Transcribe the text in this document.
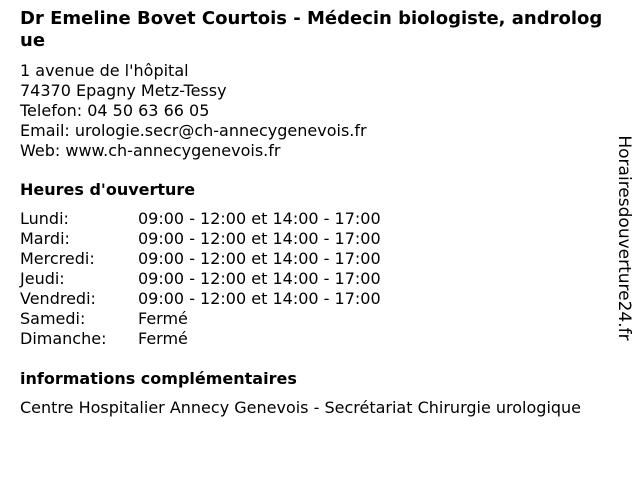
Dr Emeline Bovet Courtois - Médecin biologiste, andrologue
1 avenue de l'hôpital
74370 Epagny Metz-Tessy
Telefon: 04 50 63 66 05
Email: urologie.secr@ch-annecygenevois.fr
Web: www.ch-annecygenevois.fr
Heures d'ouverture
Lundi:	09:00 - 12:00 et 14:00 - 17:00
Mardi:	09:00 - 12:00 et 14:00 - 17:00
Mercredi:	09:00 - 12:00 et 14:00 - 17:00
Jeudi:	09:00 - 12:00 et 14:00 - 17:00
Vendredi:	09:00 - 12:00 et 14:00 - 17:00
Samedi:	Fermé
Dimanche:	Fermé
informations complémentaires
Centre Hospitalier Annecy Genevois - Secrétariat Chirurgie urologique
Horairesdouverture24.fr
